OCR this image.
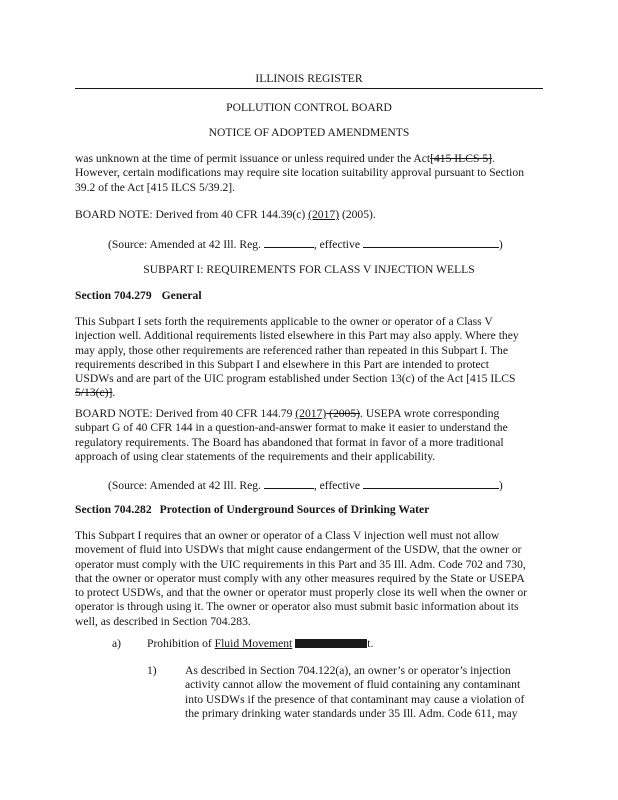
ILLINOIS REGISTER
POLLUTION CONTROL BOARD
NOTICE OF ADOPTED AMENDMENTS
was unknown at the time of permit issuance or unless required under the Act[415 ILCS 5].
However, certain modifications may require site location suitability approval pursuant to Section
39.2 of the Act [415 ILCS 5/39.2].
BOARD NOTE: Derived from 40 CFR 144.39(c) (2017) (2005).
(Source: Amended at 42 Ill. Reg.	, effective	)
SUBPART I: REQUIREMENTS FOR CLASS V INJECTION WELLS
Section 704.279 General
This Subpart I sets forth the requirements applicable to the owner or operator of a Class V
injection well. Additional requirements listed elsewhere in this Part may also apply. Where they
may apply, those other requirements are referenced rather than repeated in this Subpart I. The
requirements described in this Subpart I and elsewhere in this Part are intended to protect
USDWs and are part of the UIC program established under Section 13(c) of the Act [415 ILCS
5/13(c)].
BOARD NOTE: Derived from 40 CFR 144.79 (2017) (2005). USEPA wrote corresponding
subpart G of 40 CFR 144 in a question-and-answer format to make it easier to understand the
regulatory requirements. The Board has abandoned that format in favor of a more traditional
approach of using clear statements of the requirements and their applicability.
(Source: Amended at 42 Ill. Reg.	, effective	)
Section 704.282 Protection of Underground Sources of Drinking Water
This Subpart I requires that an owner or operator of a Class V injection well must not allow
movement of fluid into USDWs that might cause endangerment of the USDW, that the owner or
operator must comply with the UIC requirements in this Part and 35 Ill. Adm. Code 702 and 730,
that the owner or operator must comply with any other measures required by the State or USEPA
to protect USDWs, and that the owner or operator must properly close its well when the owner or
operator is through using it. The owner or operator also must submit basic information about its
well, as described in Section 704.283.
a) Prohibition of Fluid Movement	t.
1) As described in Section 704.122(a), an owner’s or operator’s injection
activity cannot allow the movement of fluid containing any contaminant
into USDWs if the presence of that contaminant may cause a violation of
the primary drinking water standards under 35 Ill. Adm. Code 611, may
